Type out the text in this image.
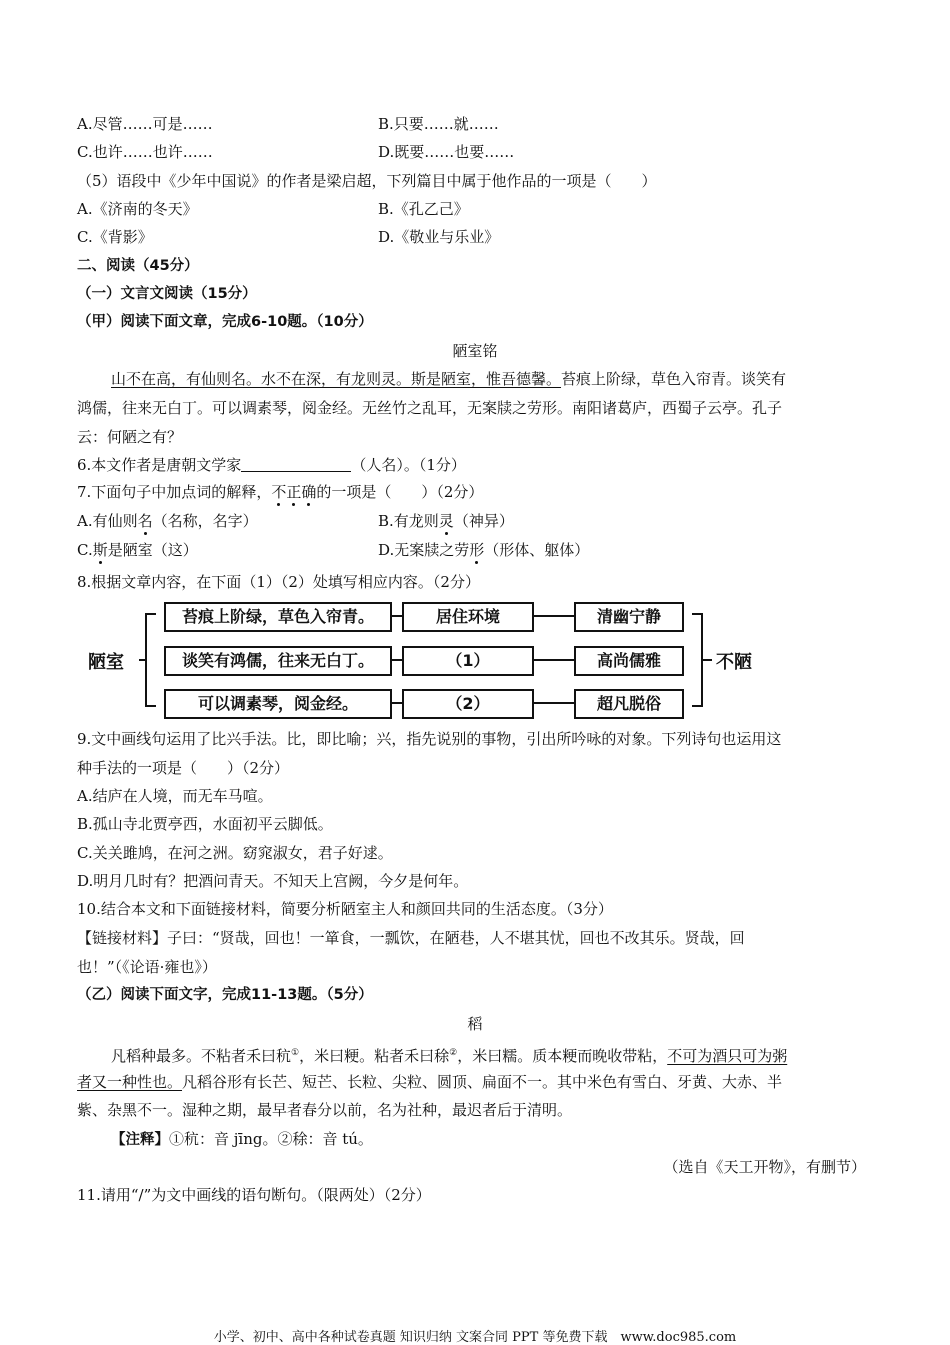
A.尽管……可是……	B.只要……就……
C.也许……也许……	D.既要……也要……
（5）语段中《少年中国说》的作者是梁启超，下列篇目中属于他作品的一项是（　　）
A.《济南的冬天》	B.《孔乙己》
C.《背影》	D.《敬业与乐业》
二、阅读（45分）
（一）文言文阅读（15分）
（甲）阅读下面文章，完成6-10题。（10分）
陋室铭
山不在高，有仙则名。水不在深，有龙则灵。斯是陋室，惟吾德馨。苔痕上阶绿，草色入帘青。谈笑有
鸿儒，往来无白丁。可以调素琴，阅金经。无丝竹之乱耳，无案牍之劳形。南阳诸葛庐，西蜀子云亭。孔子
云：何陋之有？
6.本文作者是唐朝文学家	（人名）。（1分）
7.下面句子中加点词的解释，不正确的一项是（　　）（2分）
A.有仙则名（名称，名字）	B.有龙则灵（神异）
C.斯是陋室（这）	D.无案牍之劳形（形体、躯体）
8.根据文章内容，在下面（1）（2）处填写相应内容。（2分）
陋室	不陋
苔痕上阶绿，草色入帘青。	居住环境	清幽宁静
谈笑有鸿儒，往来无白丁。	（1）	高尚儒雅
可以调素琴，阅金经。	（2）	超凡脱俗
9.文中画线句运用了比兴手法。比，即比喻；兴，指先说别的事物，引出所吟咏的对象。下列诗句也运用这
种手法的一项是（　　）（2分）
A.结庐在人境，而无车马喧。
B.孤山寺北贾亭西，水面初平云脚低。
C.关关雎鸠，在河之洲。窈窕淑女，君子好逑。
D.明月几时有？把酒问青天。不知天上宫阙，今夕是何年。
10.结合本文和下面链接材料，简要分析陋室主人和颜回共同的生活态度。（3分）
【链接材料】子曰：“贤哉，回也！一箪食，一瓢饮，在陋巷，人不堪其忧，回也不改其乐。贤哉，回
也！”（《论语·雍也》）
（乙）阅读下面文字，完成11-13题。（5分）
稻
凡稻种最多。不粘者禾曰秔①，米曰粳。粘者禾曰稌②，米曰糯。质本粳而晚收带粘，不可为酒只可为粥
者又一种性也。凡稻谷形有长芒、短芒、长粒、尖粒、圆顶、扁面不一。其中米色有雪白、牙黄、大赤、半
紫、杂黑不一。湿种之期，最早者春分以前，名为社种，最迟者后于清明。
【注释】①秔：音 jīng。②稌：音 tú。
（选自《天工开物》，有删节）
11.请用“/”为文中画线的语句断句。（限两处）（2分）
小学、初中、高中各种试卷真题 知识归纳 文案合同 PPT 等免费下载　www.doc985.com
